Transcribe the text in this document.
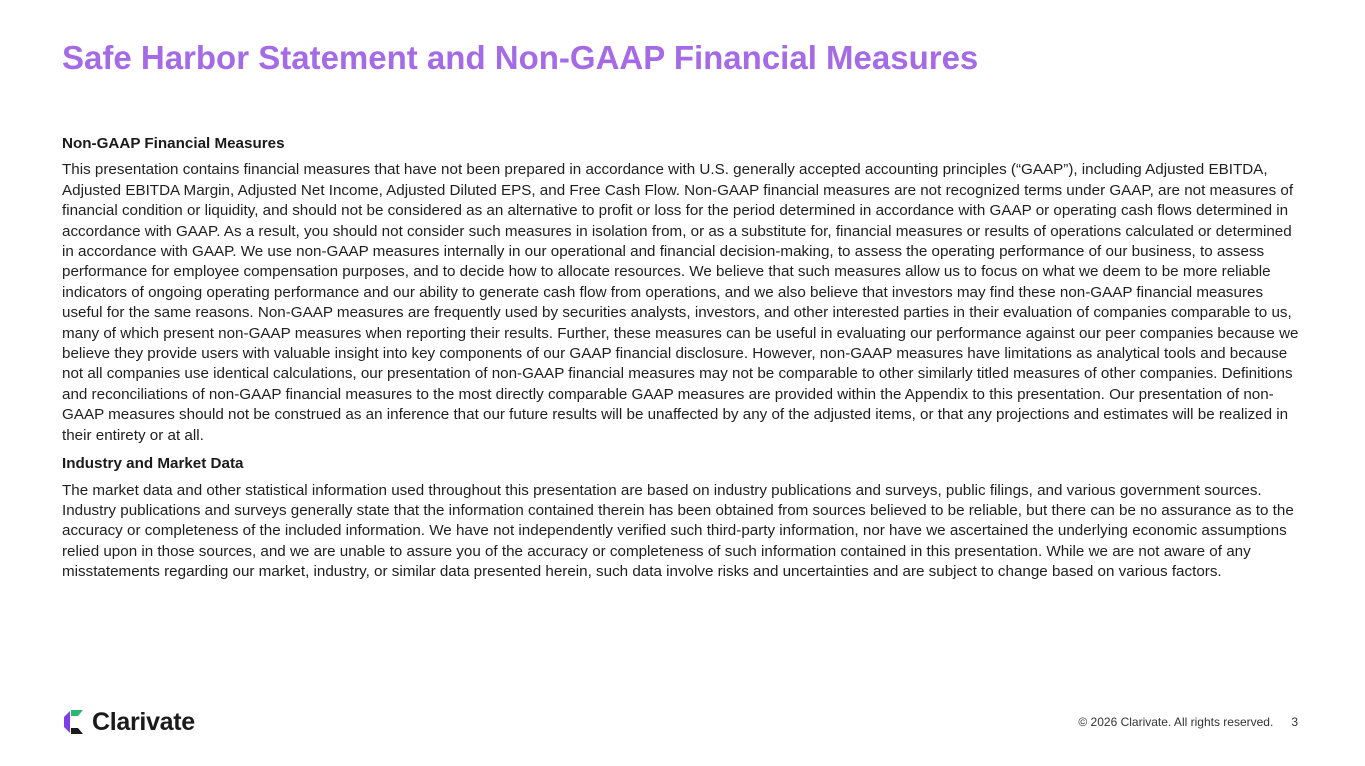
Safe Harbor Statement and Non-GAAP Financial Measures
Non-GAAP Financial Measures

This presentation contains financial measures that have not been prepared in accordance with U.S. generally accepted accounting principles (“GAAP”), including Adjusted EBITDA, Adjusted EBITDA Margin, Adjusted Net Income, Adjusted Diluted EPS, and Free Cash Flow. Non-GAAP financial measures are not recognized terms under GAAP, are not measures of financial condition or liquidity, and should not be considered as an alternative to profit or loss for the period determined in accordance with GAAP or operating cash flows determined in accordance with GAAP. As a result, you should not consider such measures in isolation from, or as a substitute for, financial measures or results of operations calculated or determined in accordance with GAAP. We use non-GAAP measures internally in our operational and financial decision-making, to assess the operating performance of our business, to assess performance for employee compensation purposes, and to decide how to allocate resources. We believe that such measures allow us to focus on what we deem to be more reliable indicators of ongoing operating performance and our ability to generate cash flow from operations, and we also believe that investors may find these non-GAAP financial measures useful for the same reasons. Non-GAAP measures are frequently used by securities analysts, investors, and other interested parties in their evaluation of companies comparable to us, many of which present non-GAAP measures when reporting their results. Further, these measures can be useful in evaluating our performance against our peer companies because we believe they provide users with valuable insight into key components of our GAAP financial disclosure. However, non-GAAP measures have limitations as analytical tools and because not all companies use identical calculations, our presentation of non-GAAP financial measures may not be comparable to other similarly titled measures of other companies. Definitions and reconciliations of non-GAAP financial measures to the most directly comparable GAAP measures are provided within the Appendix to this presentation. Our presentation of non-GAAP measures should not be construed as an inference that our future results will be unaffected by any of the adjusted items, or that any projections and estimates will be realized in their entirety or at all.

Industry and Market Data

The market data and other statistical information used throughout this presentation are based on industry publications and surveys, public filings, and various government sources. Industry publications and surveys generally state that the information contained therein has been obtained from sources believed to be reliable, but there can be no assurance as to the accuracy or completeness of the included information. We have not independently verified such third-party information, nor have we ascertained the underlying economic assumptions relied upon in those sources, and we are unable to assure you of the accuracy or completeness of such information contained in this presentation. While we are not aware of any misstatements regarding our market, industry, or similar data presented herein, such data involve risks and uncertainties and are subject to change based on various factors.

Clarivate	© 2026 Clarivate. All rights reserved. 3
